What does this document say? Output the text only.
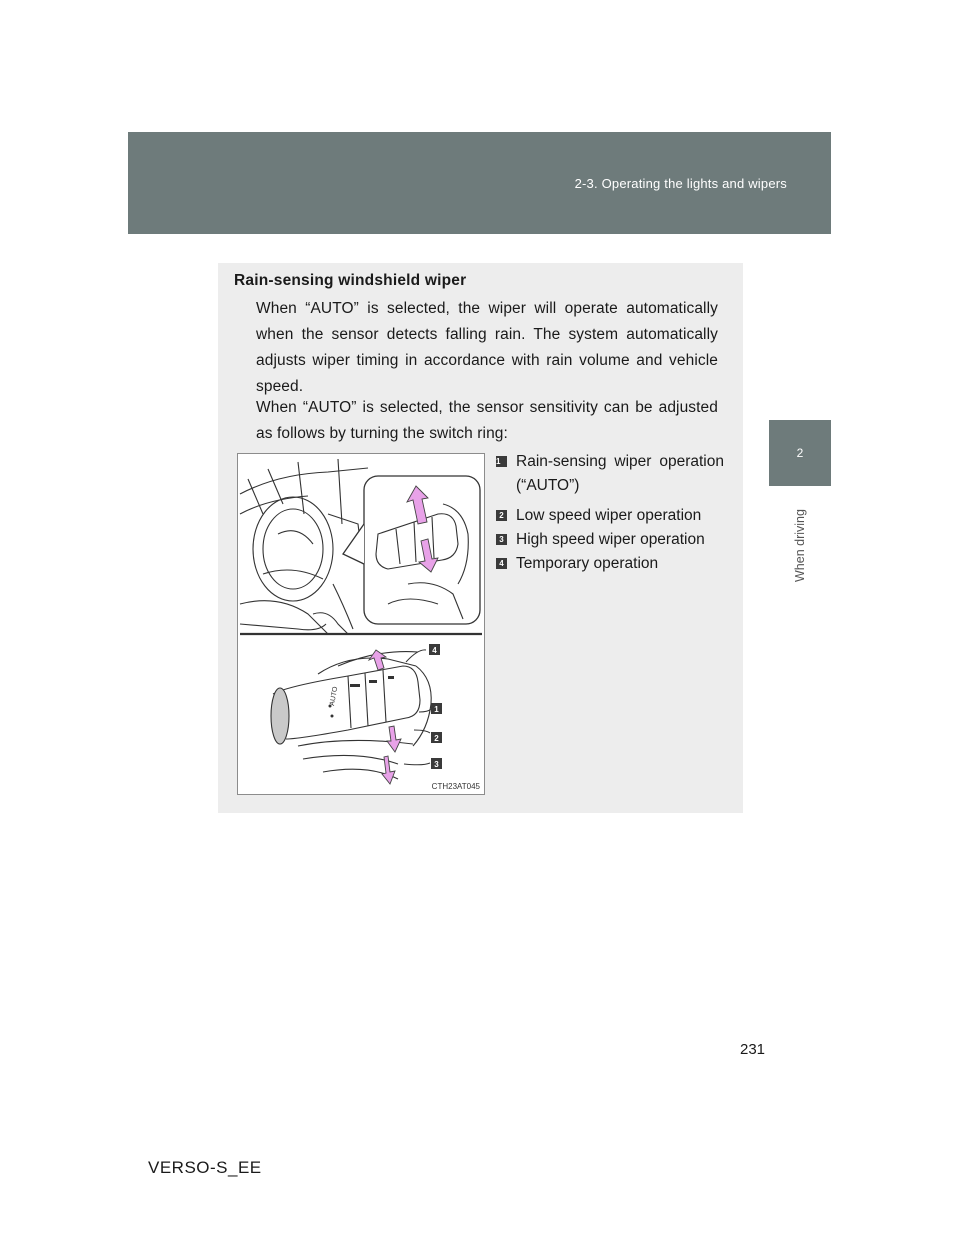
2-3. Operating the lights and wipers
2
When driving
Rain-sensing windshield wiper
When “AUTO” is selected, the wiper will operate automatically when the sensor detects falling rain. The system automatically adjusts wiper timing in accordance with rain volume and vehicle speed.
When “AUTO” is selected, the sensor sensitivity can be adjusted as follows by turning the switch ring:
AUTO
4
1
2
3
CTH23AT045
1	Rain-sensing wiper operation (“AUTO”)
2 Low speed wiper operation
3 High speed wiper operation
4 Temporary operation
231
VERSO-S_EE
